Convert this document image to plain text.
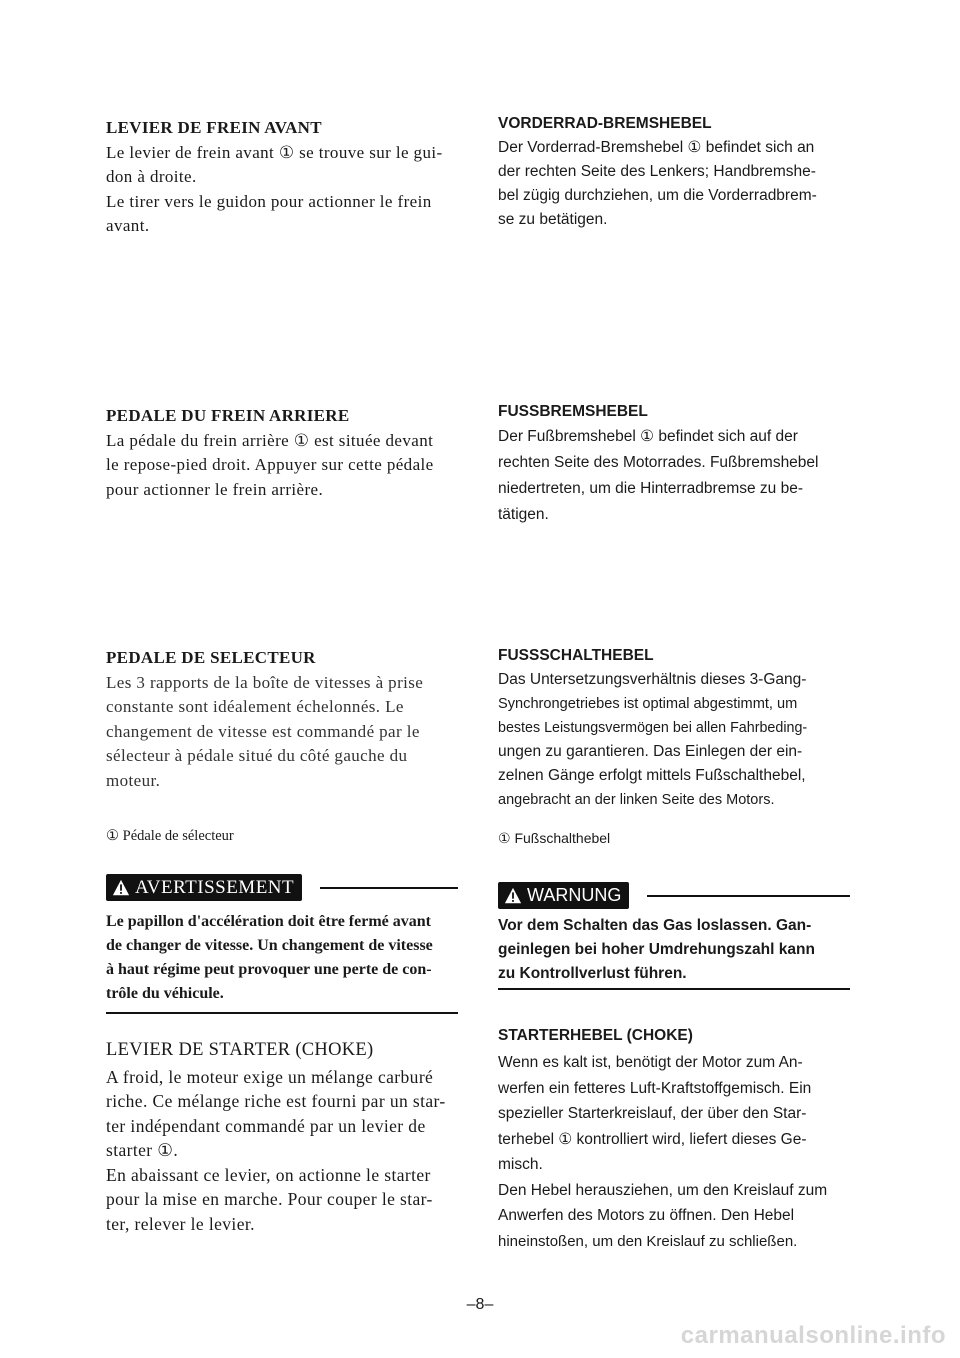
LEVIER DE FREIN AVANT

Le levier de frein avant ① se trouve sur le gui-

don à droite.

Le tirer vers le guidon pour actionner le frein

avant.

PEDALE DU FREIN ARRIERE

La pédale du frein arrière ① est située devant

le repose-pied droit. Appuyer sur cette pédale

pour actionner le frein arrière.

PEDALE DE SELECTEUR

Les 3 rapports de la boîte de vitesses à prise

constante sont idéalement échelonnés. Le

changement de vitesse est commandé par le

sélecteur à pédale situé du côté gauche du

moteur.

① Pédale de sélecteur
AVERTISSEMENT

Le papillon d'accélération doit être fermé avant

de changer de vitesse. Un changement de vitesse

à haut régime peut provoquer une perte de con-

trôle du véhicule.

LEVIER DE STARTER (CHOKE)

A froid, le moteur exige un mélange carburé

riche. Ce mélange riche est fourni par un star-

ter indépendant commandé par un levier de

starter ①.

En abaissant ce levier, on actionne le starter

pour la mise en marche. Pour couper le star-

ter, relever le levier.

VORDERRAD-BREMSHEBEL

Der Vorderrad-Bremshebel ① befindet sich an

der rechten Seite des Lenkers; Handbremshe-

bel zügig durchziehen, um die Vorderradbrem-

se zu betätigen.

FUSSBREMSHEBEL

Der Fußbremshebel ① befindet sich auf der

rechten Seite des Motorrades. Fußbremshebel

niedertreten, um die Hinterradbremse zu be-

tätigen.

FUSSSCHALTHEBEL

Das Untersetzungsverhältnis dieses 3-Gang-

Synchrongetriebes ist optimal abgestimmt, um

bestes Leistungsvermögen bei allen Fahrbeding-

ungen zu garantieren. Das Einlegen der ein-

zelnen Gänge erfolgt mittels Fußschalthebel,

angebracht an der linken Seite des Motors.

① Fußschalthebel
WARNUNG

Vor dem Schalten das Gas loslassen. Gan-

geinlegen bei hoher Umdrehungszahl kann

zu Kontrollverlust führen.

STARTERHEBEL (CHOKE)

Wenn es kalt ist, benötigt der Motor zum An-

werfen ein fetteres Luft-Kraftstoffgemisch. Ein

spezieller Starterkreislauf, der über den Star-

terhebel ① kontrolliert wird, liefert dieses Ge-

misch.

Den Hebel herausziehen, um den Kreislauf zum

Anwerfen des Motors zu öffnen. Den Hebel

hineinstoßen, um den Kreislauf zu schließen.

–8–
carmanualsonline.info
